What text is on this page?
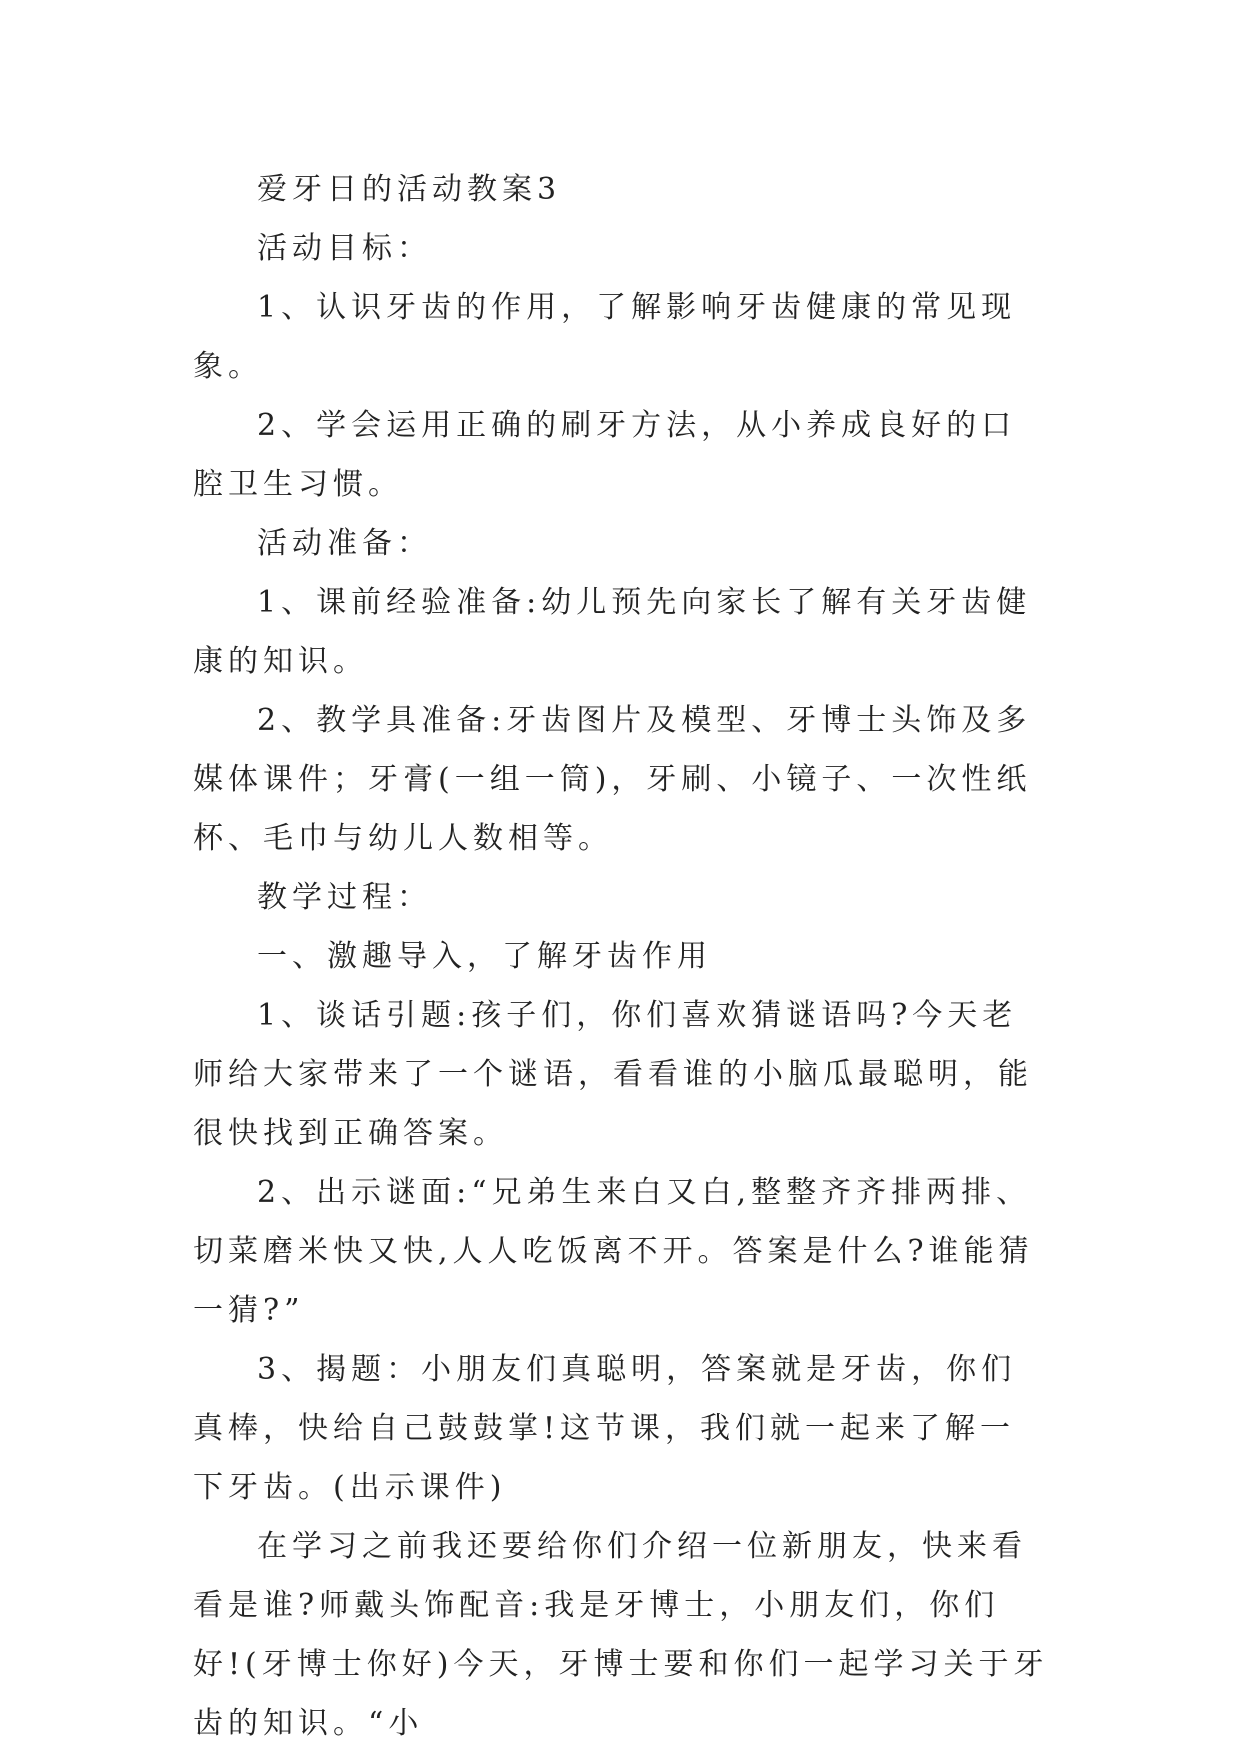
爱牙日的活动教案3

活动目标：

1、认识牙齿的作用，了解影响牙齿健康的常见现象。

2、学会运用正确的刷牙方法，从小养成良好的口腔卫生习惯。

活动准备：

1、课前经验准备:幼儿预先向家长了解有关牙齿健康的知识。

2、教学具准备:牙齿图片及模型、牙博士头饰及多媒体课件；牙膏(一组一筒)，牙刷、小镜子、一次性纸杯、毛巾与幼儿人数相等。

教学过程：

一、激趣导入，了解牙齿作用

1、谈话引题:孩子们，你们喜欢猜谜语吗?今天老师给大家带来了一个谜语，看看谁的小脑瓜最聪明，能很快找到正确答案。

2、出示谜面:“兄弟生来白又白,整整齐齐排两排、切菜磨米快又快,人人吃饭离不开。答案是什么?谁能猜一猜?”

3、揭题：小朋友们真聪明，答案就是牙齿，你们真棒，快给自己鼓鼓掌!这节课，我们就一起来了解一下牙齿。(出示课件)

在学习之前我还要给你们介绍一位新朋友，快来看看是谁?师戴头饰配音:我是牙博士，小朋友们，你们好!(牙博士你好)今天，牙博士要和你们一起学习关于牙齿的知识。“小
